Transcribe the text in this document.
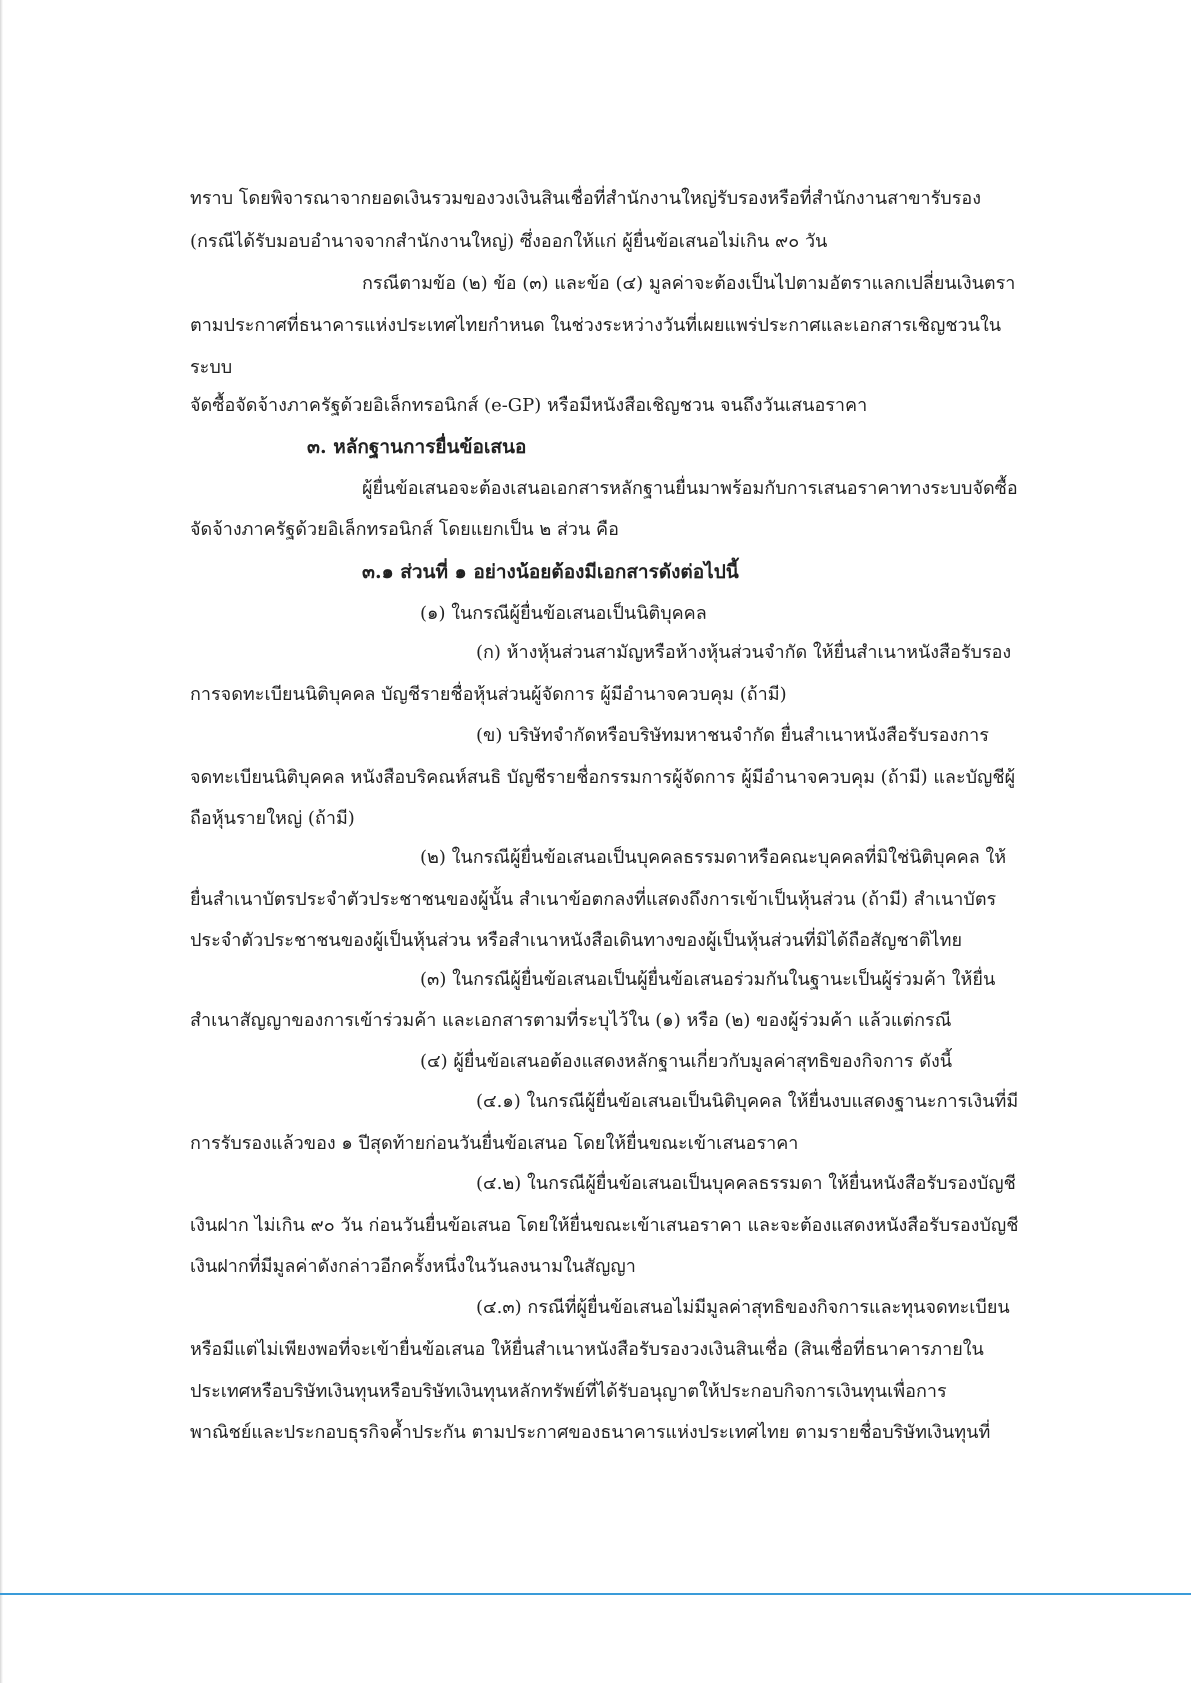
ทราบ โดยพิจารณาจากยอดเงินรวมของวงเงินสินเชื่อที่สำนักงานใหญ่รับรองหรือที่สำนักงานสาขารับรอง
(กรณีได้รับมอบอำนาจจากสำนักงานใหญ่) ซึ่งออกให้แก่ ผู้ยื่นข้อเสนอไม่เกิน ๙๐ วัน
กรณีตามข้อ (๒) ข้อ (๓) และข้อ (๔) มูลค่าจะต้องเป็นไปตามอัตราแลกเปลี่ยนเงินตรา
ตามประกาศที่ธนาคารแห่งประเทศไทยกำหนด ในช่วงระหว่างวันที่เผยแพร่ประกาศและเอกสารเชิญชวนใน
ระบบ
จัดซื้อจัดจ้างภาครัฐด้วยอิเล็กทรอนิกส์ (e-GP) หรือมีหนังสือเชิญชวน จนถึงวันเสนอราคา
๓. หลักฐานการยื่นข้อเสนอ
ผู้ยื่นข้อเสนอจะต้องเสนอเอกสารหลักฐานยื่นมาพร้อมกับการเสนอราคาทางระบบจัดซื้อ
จัดจ้างภาครัฐด้วยอิเล็กทรอนิกส์ โดยแยกเป็น ๒ ส่วน คือ
๓.๑ ส่วนที่ ๑ อย่างน้อยต้องมีเอกสารดังต่อไปนี้
(๑) ในกรณีผู้ยื่นข้อเสนอเป็นนิติบุคคล
(ก) ห้างหุ้นส่วนสามัญหรือห้างหุ้นส่วนจำกัด ให้ยื่นสำเนาหนังสือรับรอง
การจดทะเบียนนิติบุคคล บัญชีรายชื่อหุ้นส่วนผู้จัดการ ผู้มีอำนาจควบคุม (ถ้ามี)
(ข) บริษัทจำกัดหรือบริษัทมหาชนจำกัด ยื่นสำเนาหนังสือรับรองการ
จดทะเบียนนิติบุคคล หนังสือบริคณห์สนธิ บัญชีรายชื่อกรรมการผู้จัดการ ผู้มีอำนาจควบคุม (ถ้ามี) และบัญชีผู้
ถือหุ้นรายใหญ่ (ถ้ามี)
(๒) ในกรณีผู้ยื่นข้อเสนอเป็นบุคคลธรรมดาหรือคณะบุคคลที่มิใช่นิติบุคคล ให้
ยื่นสำเนาบัตรประจำตัวประชาชนของผู้นั้น สำเนาข้อตกลงที่แสดงถึงการเข้าเป็นหุ้นส่วน (ถ้ามี) สำเนาบัตร
ประจำตัวประชาชนของผู้เป็นหุ้นส่วน หรือสำเนาหนังสือเดินทางของผู้เป็นหุ้นส่วนที่มิได้ถือสัญชาติไทย
(๓) ในกรณีผู้ยื่นข้อเสนอเป็นผู้ยื่นข้อเสนอร่วมกันในฐานะเป็นผู้ร่วมค้า ให้ยื่น
สำเนาสัญญาของการเข้าร่วมค้า และเอกสารตามที่ระบุไว้ใน (๑) หรือ (๒) ของผู้ร่วมค้า แล้วแต่กรณี
(๔) ผู้ยื่นข้อเสนอต้องแสดงหลักฐานเกี่ยวกับมูลค่าสุทธิของกิจการ ดังนี้
(๔.๑) ในกรณีผู้ยื่นข้อเสนอเป็นนิติบุคคล ให้ยื่นงบแสดงฐานะการเงินที่มี
การรับรองแล้วของ ๑ ปีสุดท้ายก่อนวันยื่นข้อเสนอ โดยให้ยื่นขณะเข้าเสนอราคา
(๔.๒) ในกรณีผู้ยื่นข้อเสนอเป็นบุคคลธรรมดา ให้ยื่นหนังสือรับรองบัญชี
เงินฝาก ไม่เกิน ๙๐ วัน ก่อนวันยื่นข้อเสนอ โดยให้ยื่นขณะเข้าเสนอราคา และจะต้องแสดงหนังสือรับรองบัญชี
เงินฝากที่มีมูลค่าดังกล่าวอีกครั้งหนึ่งในวันลงนามในสัญญา
(๔.๓) กรณีที่ผู้ยื่นข้อเสนอไม่มีมูลค่าสุทธิของกิจการและทุนจดทะเบียน
หรือมีแต่ไม่เพียงพอที่จะเข้ายื่นข้อเสนอ ให้ยื่นสำเนาหนังสือรับรองวงเงินสินเชื่อ (สินเชื่อที่ธนาคารภายใน
ประเทศหรือบริษัทเงินทุนหรือบริษัทเงินทุนหลักทรัพย์ที่ได้รับอนุญาตให้ประกอบกิจการเงินทุนเพื่อการ
พาณิชย์และประกอบธุรกิจค้ำประกัน ตามประกาศของธนาคารแห่งประเทศไทย ตามรายชื่อบริษัทเงินทุนที่
